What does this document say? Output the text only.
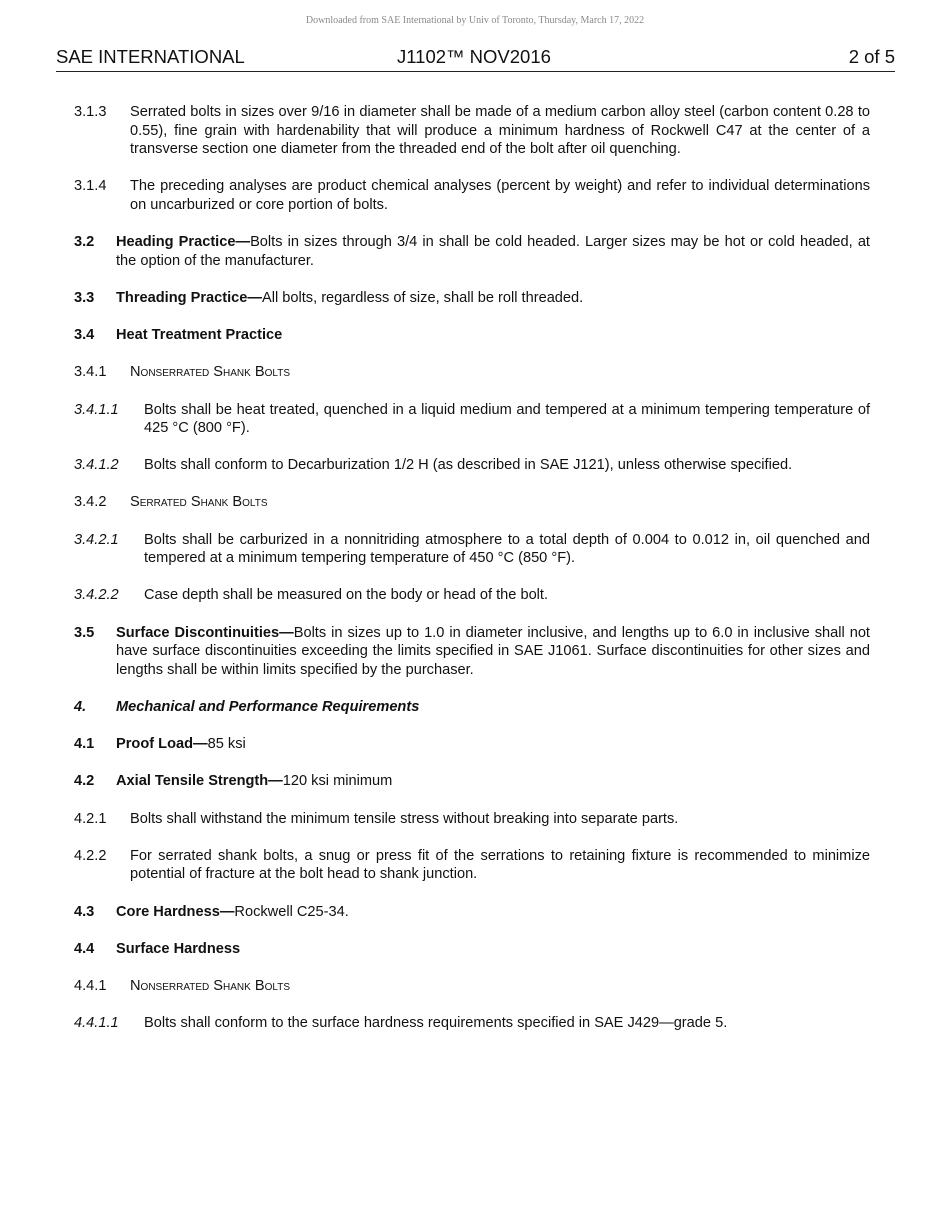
Downloaded from SAE International by Univ of Toronto, Thursday, March 17, 2022
SAE INTERNATIONAL	J1102™ NOV2016	2 of 5
3.1.3 Serrated bolts in sizes over 9/16 in diameter shall be made of a medium carbon alloy steel (carbon content 0.28 to 0.55), fine grain with hardenability that will produce a minimum hardness of Rockwell C47 at the center of a transverse section one diameter from the threaded end of the bolt after oil quenching.
3.1.4 The preceding analyses are product chemical analyses (percent by weight) and refer to individual determinations on uncarburized or core portion of bolts.
3.2 Heading Practice—Bolts in sizes through 3/4 in shall be cold headed. Larger sizes may be hot or cold headed, at the option of the manufacturer.
3.3 Threading Practice—All bolts, regardless of size, shall be roll threaded.
3.4 Heat Treatment Practice
3.4.1 Nonserrated Shank Bolts
3.4.1.1 Bolts shall be heat treated, quenched in a liquid medium and tempered at a minimum tempering temperature of 425 °C (800 °F).
3.4.1.2 Bolts shall conform to Decarburization 1/2 H (as described in SAE J121), unless otherwise specified.
3.4.2 Serrated Shank Bolts
3.4.2.1 Bolts shall be carburized in a nonnitriding atmosphere to a total depth of 0.004 to 0.012 in, oil quenched and tempered at a minimum tempering temperature of 450 °C (850 °F).
3.4.2.2 Case depth shall be measured on the body or head of the bolt.
3.5 Surface Discontinuities—Bolts in sizes up to 1.0 in diameter inclusive, and lengths up to 6.0 in inclusive shall not have surface discontinuities exceeding the limits specified in SAE J1061. Surface discontinuities for other sizes and lengths shall be within limits specified by the purchaser.
4. Mechanical and Performance Requirements
4.1 Proof Load—85 ksi
4.2 Axial Tensile Strength—120 ksi minimum
4.2.1 Bolts shall withstand the minimum tensile stress without breaking into separate parts.
4.2.2 For serrated shank bolts, a snug or press fit of the serrations to retaining fixture is recommended to minimize potential of fracture at the bolt head to shank junction.
4.3 Core Hardness—Rockwell C25-34.
4.4 Surface Hardness
4.4.1 Nonserrated Shank Bolts
4.4.1.1 Bolts shall conform to the surface hardness requirements specified in SAE J429—grade 5.
